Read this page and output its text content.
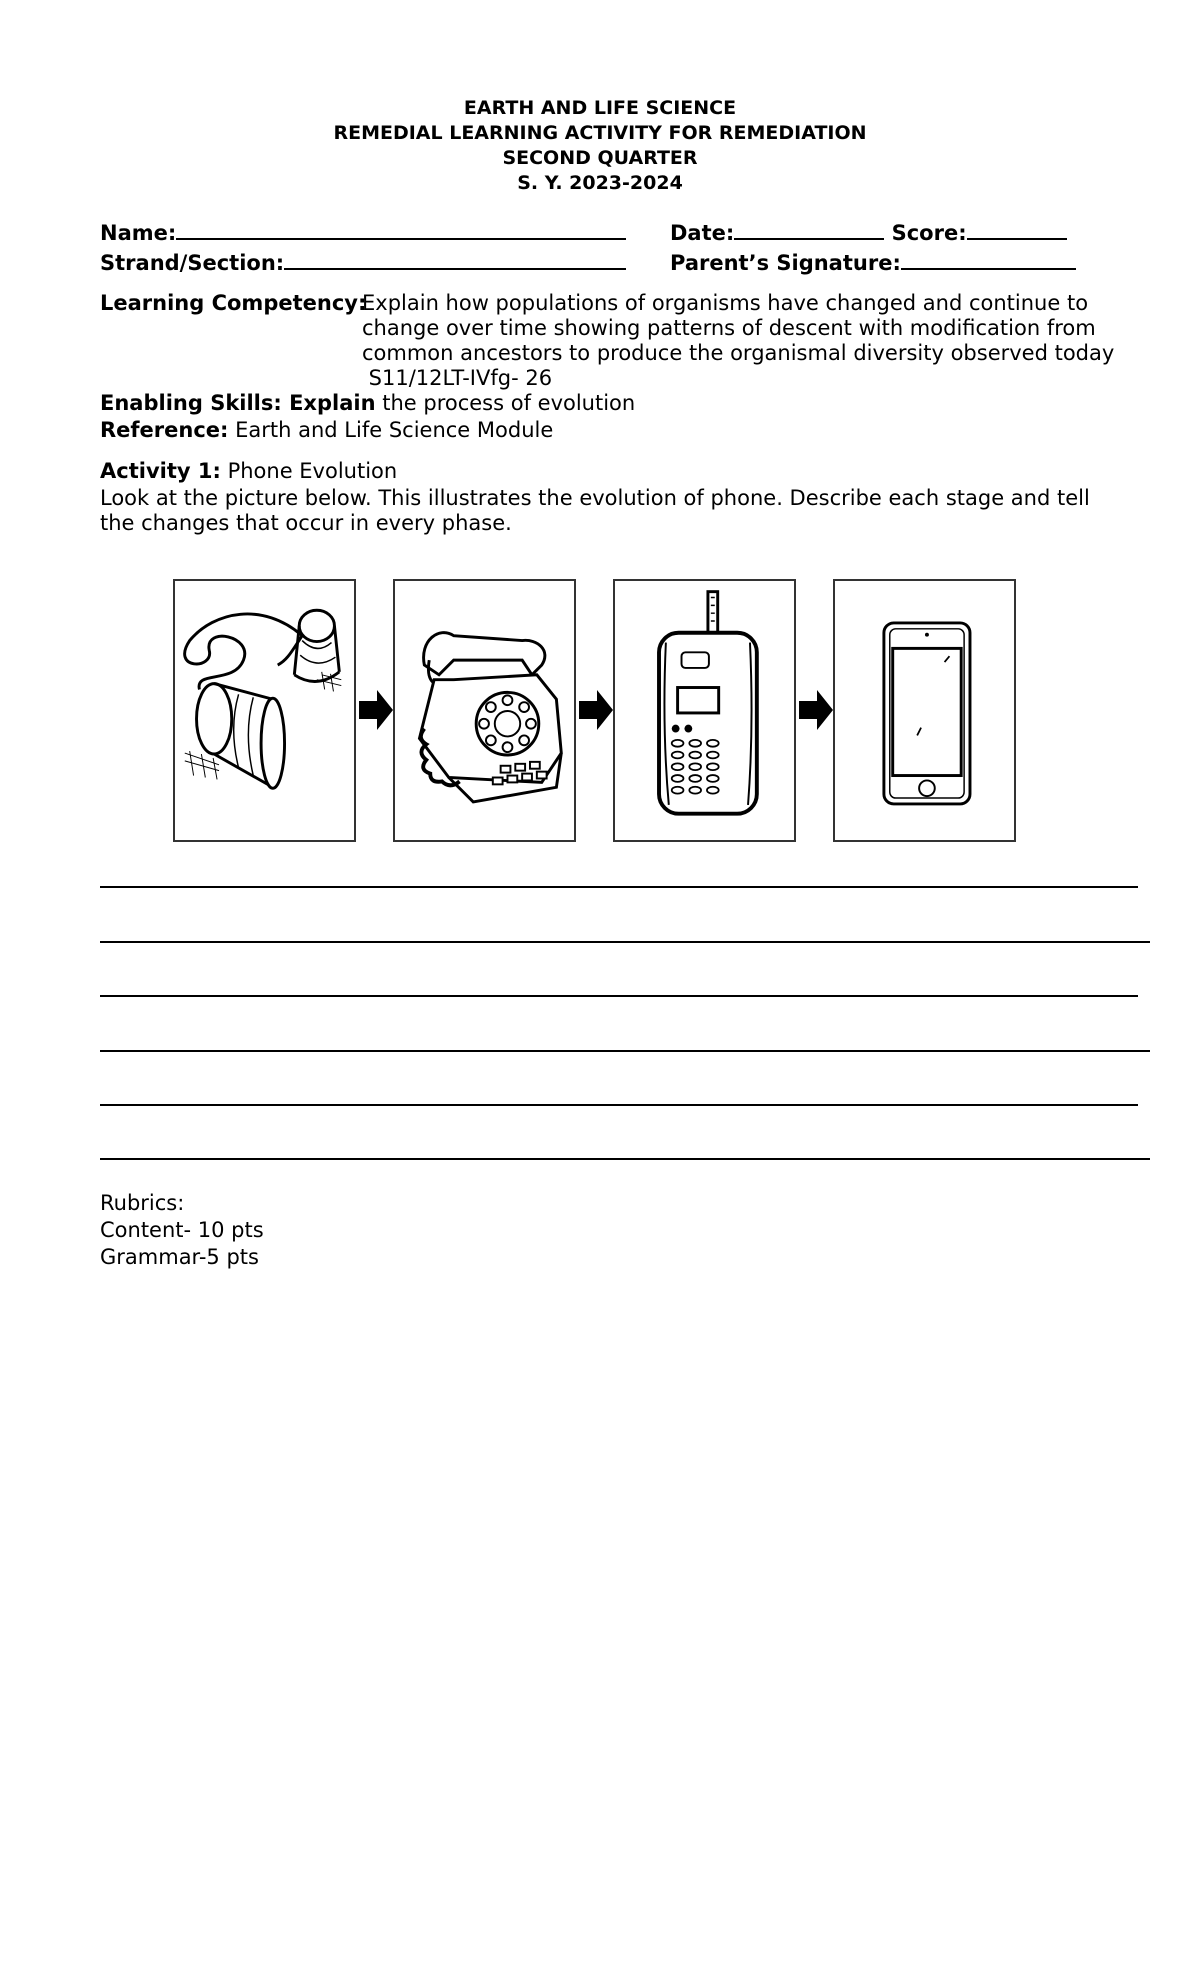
EARTH AND LIFE SCIENCE
REMEDIAL LEARNING ACTIVITY FOR REMEDIATION
SECOND QUARTER
S. Y. 2023-2024
Name:	Date:	Score:
Strand/Section:	Parent’s Signature:
Learning Competency:
Explain how populations of organisms have changed and continue to
change over time showing patterns of descent with modification from
common ancestors to produce the organismal diversity observed today
S11/12LT-IVfg- 26
Enabling Skills: Explain the process of evolution
Reference: Earth and Life Science Module
Activity 1: Phone Evolution
Look at the picture below. This illustrates the evolution of phone. Describe each stage and tell
the changes that occur in every phase.
Rubrics:
Content- 10 pts
Grammar-5 pts
